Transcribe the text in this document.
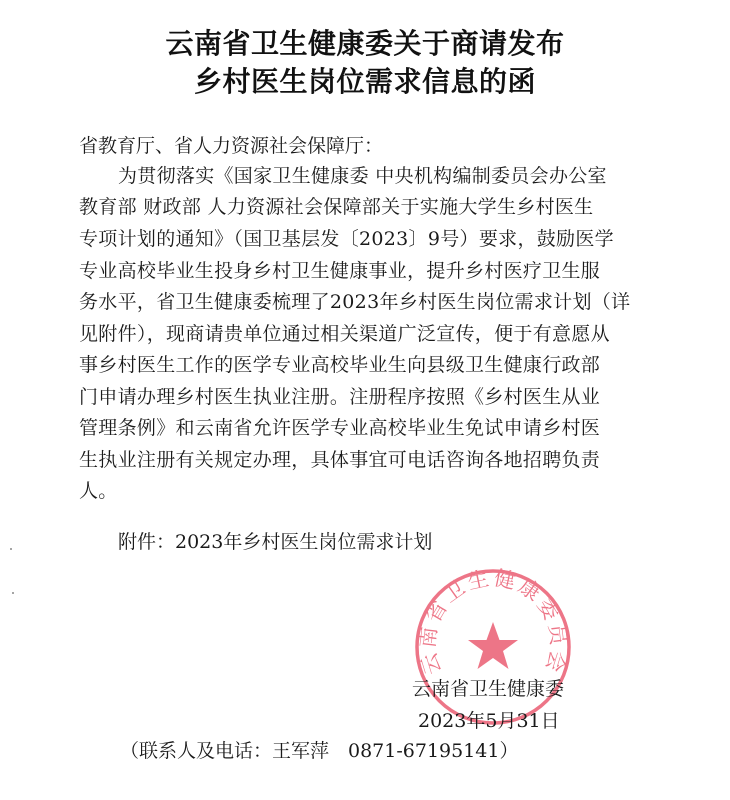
云南省卫生健康委关于商请发布
乡村医生岗位需求信息的函
省教育厅、省人力资源社会保障厅：
为贯彻落实《国家卫生健康委 中央机构编制委员会办公室
教育部 财政部 人力资源社会保障部关于实施大学生乡村医生
专项计划的通知》（国卫基层发〔2023〕9号）要求，鼓励医学
专业高校毕业生投身乡村卫生健康事业，提升乡村医疗卫生服
务水平，省卫生健康委梳理了2023年乡村医生岗位需求计划（详
见附件），现商请贵单位通过相关渠道广泛宣传，便于有意愿从
事乡村医生工作的医学专业高校毕业生向县级卫生健康行政部
门申请办理乡村医生执业注册。注册程序按照《乡村医生从业
管理条例》和云南省允许医学专业高校毕业生免试申请乡村医
生执业注册有关规定办理，具体事宜可电话咨询各地招聘负责
人。
附件：2023年乡村医生岗位需求计划
云南省卫生健康委员会
云南省卫生健康委
2023年5月31日
（联系人及电话：王军萍　0871-67195141）
